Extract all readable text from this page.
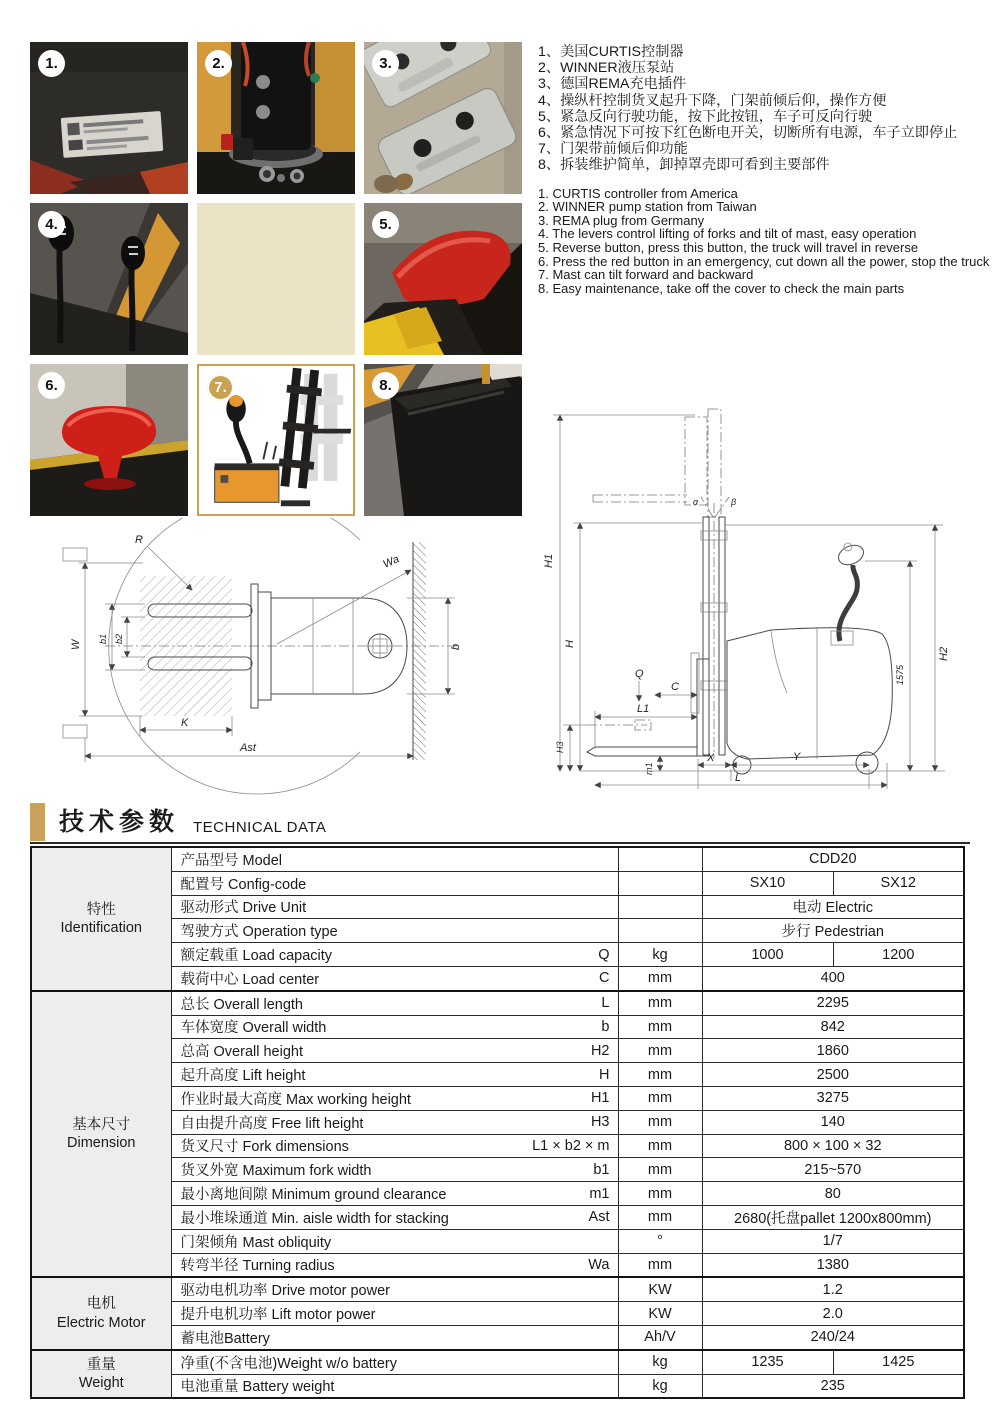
1.	2.	3.
4.	5.
6.	7.	8.
1、美国CURTIS控制器
2、WINNER液压泵站
3、德国REMA充电插件
4、操纵杆控制货叉起升下降，门架前倾后仰，操作方便
5、紧急反向行驶功能，按下此按钮，车子可反向行驶
6、紧急情况下可按下红色断电开关，切断所有电源，车子立即停止
7、门架带前倾后仰功能
8、拆装维护简单，卸掉罩壳即可看到主要部件
1. CURTIS controller from America
2. WINNER pump station from Taiwan
3. REMA plug from Germany
4. The levers control lifting of forks and tilt of mast, easy operation
5. Reverse button, press this button, the truck will travel in reverse
6. Press the red button in an emergency, cut down all the power, stop the truck
7. Mast can tilt forward and backward
8. Easy maintenance, take off the cover to check the main parts
R
Wa
W
b1 b2
b
K
Ast
α	β
H1
H
H2
1575
Q
C
L1
H3
m1
X	Y
L
技术参数 TECHNICAL DATA
特性
Identification	产品型号 Model		CDD20	

	配置号 Config-code		SX10	SX12

	驱动形式 Drive Unit		电动 Electric	

	驾驶方式 Operation type		步行 Pedestrian	

	额定载重 Load capacity Q	kg	1000	1200

	载荷中心 Load center C	mm	400	

基本尺寸
Dimension

总长 Overall length	L	mm	2295

	车体宽度 Overall width b	mm	842	

	总高 Overall height H2	mm	1860	

	起升高度 Lift height H	mm	2500	

	作业时最大高度 Max working height H1	mm	3275	

	自由提升高度 Free lift height H3	mm	140	

	货叉尺寸 Fork dimensions L1 × b2 × m	mm	800 × 100 × 32	

	货叉外宽 Maximum fork width b1	mm	215~570	

	最小离地间隙 Minimum ground clearance m1	mm	80	

	最小堆垛通道 Min. aisle width for stacking Ast	mm	2680(托盘pallet 1200x800mm)	

	门架倾角 Mast obliquity	°	1/7	

	转弯半径 Turning radius Wa	mm	1380	

电机
Electric Motor	驱动电机功率 Drive motor power	KW	1.2	

	提升电机功率 Lift motor power	KW	2.0	

	蓄电池Battery	Ah/V	240/24	

重量
Weight	净重(不含电池)Weight w/o battery	kg	1235	1425

	电池重量 Battery weight	kg	235	
